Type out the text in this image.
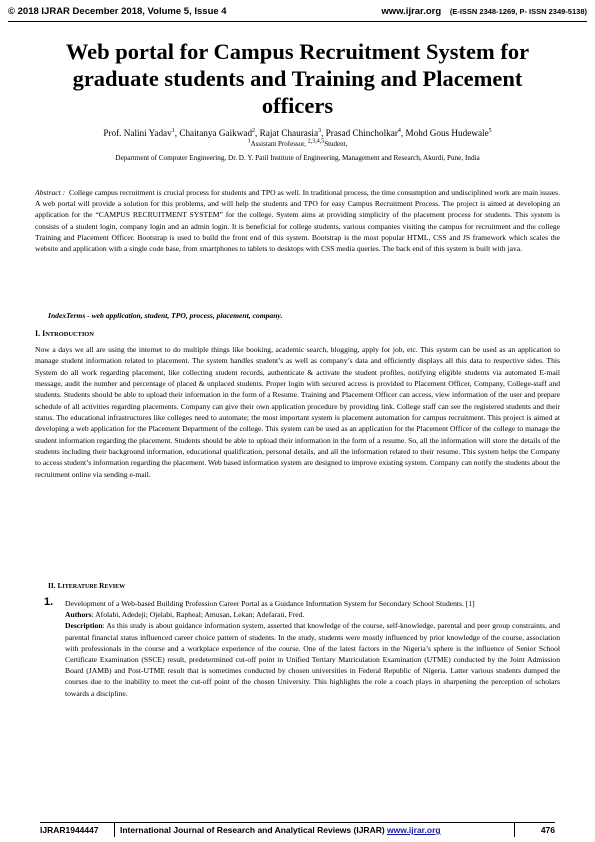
© 2018 IJRAR December 2018, Volume 5, Issue 4	www.ijrar.org (E-ISSN 2348-1269, P- ISSN 2349-5138)
Web portal for Campus Recruitment System for graduate students and Training and Placement officers
Prof. Nalini Yadav$^1$, Chaitanya Gaikwad$^2$, Rajat Chaurasia$^3$, Prasad Chincholkar$^4$, Mohd Gous Hudewale$^5$
$^1$Assistant Professor, $^{2,3,4,5}$Student,
Department of Computer Engineering, Dr. D. Y. Patil Institute of Engineering, Management and Research, Akurdi, Pune, India
Abstract : College campus recruitment is crucial process for students and TPO as well. In traditional process, the time consumption and undisciplined work are main issues. A web portal will provide a solution for this problems, and will help the students and TPO for easy Campus Recruitment Process. The project is aimed at developing an application for the “CAMPUS RECRUITMENT SYSTEM” for the college. System aims at providing simplicity of the placement process for students. This system is consists of a student login, company login and an admin login. It is beneficial for college students, various companies visiting the campus for recruitment and the college Training and Placement Officer. Bootstrap is used to build the front end of this system. Bootstrap is the most popular HTML, CSS and JS framework which scales the website and application with a single code base, from smartphones to tablets to desktops with CSS media queries. The back end of this system is built with java.
IndexTerms - web application, student, TPO, process, placement, company.
I. INTRODUCTION
Now a days we all are using the internet to do multiple things like booking, academic search, blogging, apply for job, etc. This system can be used as an application to manage student information related to placement. The system handles student’s as well as company’s data and efficiently displays all this data to respective sides. This System do all work regarding placement, like collecting student records, authenticate & activate the student profiles, notifying eligible students via automated E-mail message, audit the number and percentage of placed & unplaced students. Proper login with secured access is provided to Placement Officer, Company, College-staff and students. Students should be able to upload their information in the form of a Resume. Training and Placement Officer can access, view information of the user and prepare schedule of all activities regarding placements. Company can give their own application procedure by providing link. College staff can see the registered students and their status. The educational infrastructures like colleges need to automate; the most important system is placement automation for campus recruitment. This project is aimed at developing a web application for the Placement Department of the college. This system can be used as an application for the Placement Officer of the college to manage the student information regarding the placement. Students should be able to upload their information in the form of a resume. So, all the information will store the details of the students including their background information, educational qualification, personal details, and all the information related to their resume. This system helps the Company to access student’s information regarding the placement. Web based information system are designed to improve existing system. Company can notify the students about the recruitment online via sending e-mail.
II. LITERATURE REVIEW
1. Development of a Web-based Building Profession Career Portal as a Guidance Information System for Secondary School Students. [1]

Authors: Afolabi, Adedeji; Ojelabi, Rapheal; Amusan, Lekan; Adefarati, Fred.

Description: As this study is about guidance information system, asserted that knowledge of the course, self-knowledge, parental and peer group constraints, and parental financial status influenced career choice pattern of students. In the study, students were mostly influenced by prior knowledge of the course, association with professionals in the course and a workplace experience of the course. One of the latest factors in the Nigeria’s sphere is the influence of Senior School Certificate Examination (SSCE) result, predetermined cut-off point in Unified Tertiary Matriculation Examination (UTME) conducted by the Joint Admission Board (JAMB) and Post-UTME result that is sometimes conducted by chosen universities in Federal Republic of Nigeria. Latter various students dumped the courses due to the inability to meet the cut-off point of the chosen University. This highlights the role a coach plays in sharpening the perception of scholars towards a discipline.

IJRAR1944447	International Journal of Research and Analytical Reviews (IJRAR) www.ijrar.org	476
